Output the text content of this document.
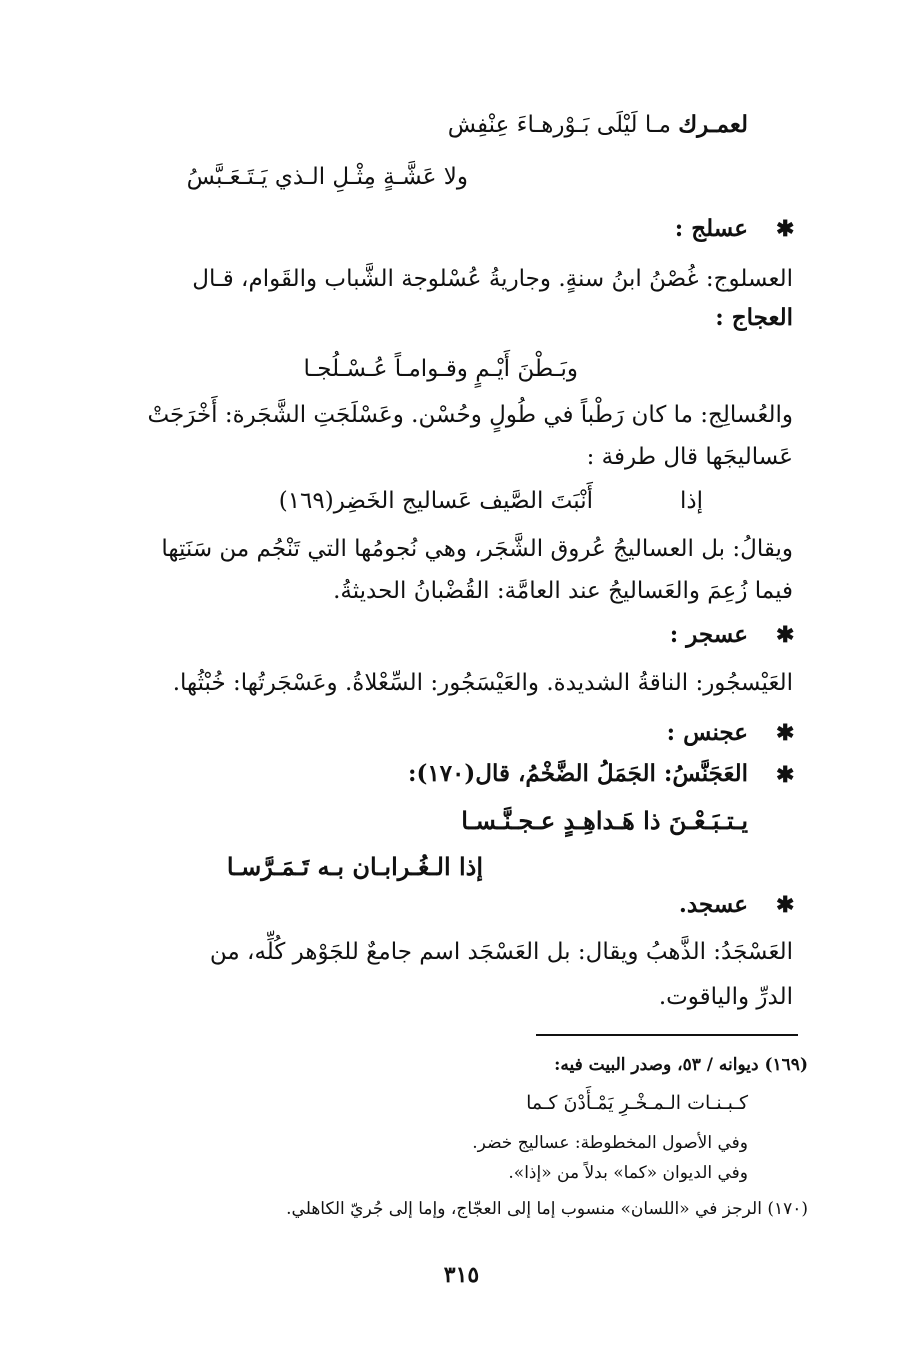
لعمـرك مـا لَيْلَى بَـوْرهـاءَ عِنْفِش
ولا عَشَّـةٍ مِثْـلِ الـذي يَـتَـعَـبَّسُ
✱
عسلج :
العسلوج: غُصْنُ ابنُ سنةٍ. وجاريةُ عُسْلوجة الشَّباب والقَوام، قـال
العجاج :
وبَـطْنَ أَيْـمٍ وقـوامـاً عُـسْـلُجـا
والعُسالِج: ما كان رَطْباً في طُولٍ وحُسْن. وعَسْلَجَتِ الشَّجَرة: أَخْرَجَتْ
عَساليجَها قال طرفة :
إذا
أَنْبَتَ الصَّيف عَساليج الخَضِر(١٦٩)
ويقالُ: بل العساليجُ عُروق الشَّجَر، وهي نُجومُها التي تَنْجُم من سَنَتِها
فيما زُعِمَ والعَساليجُ عند العامَّة: القُضْبانُ الحديثةُ.
✱
عسجر :
العَيْسجُور: الناقةُ الشديدة. والعَيْسَجُور: السِّعْلاةُ. وعَسْجَرتُها: خُبْثُها.
✱
عجنس :
✱
العَجَنَّسُ: الجَمَلُ الضَّخْمُ، قال(١٧٠):
يـتـبَـعْـنَ ذا هَـداهِـدٍ عـجـنَّـسـا
إذا الـغُـرابـان بـه تَـمَـرَّسـا
✱
عسجد.
العَسْجَدُ: الذَّهبُ ويقال: بل العَسْجَد اسم جامعٌ للجَوْهر كُلِّه، من
الدرِّ والياقوت.
(١٦٩) ديوانه / ٥٣، وصدر البيت فيه:
كـبـنـات الـمـخْـرِ يَمْـأَدْنَ كـما
وفي الأصول المخطوطة: عساليج خضر.
وفي الديوان «كما» بدلاً من «إذا».
(١٧٠) الرجز في «اللسان» منسوب إما إلى العجّاج، وإما إلى جُريّ الكاهلي.
٣١٥
